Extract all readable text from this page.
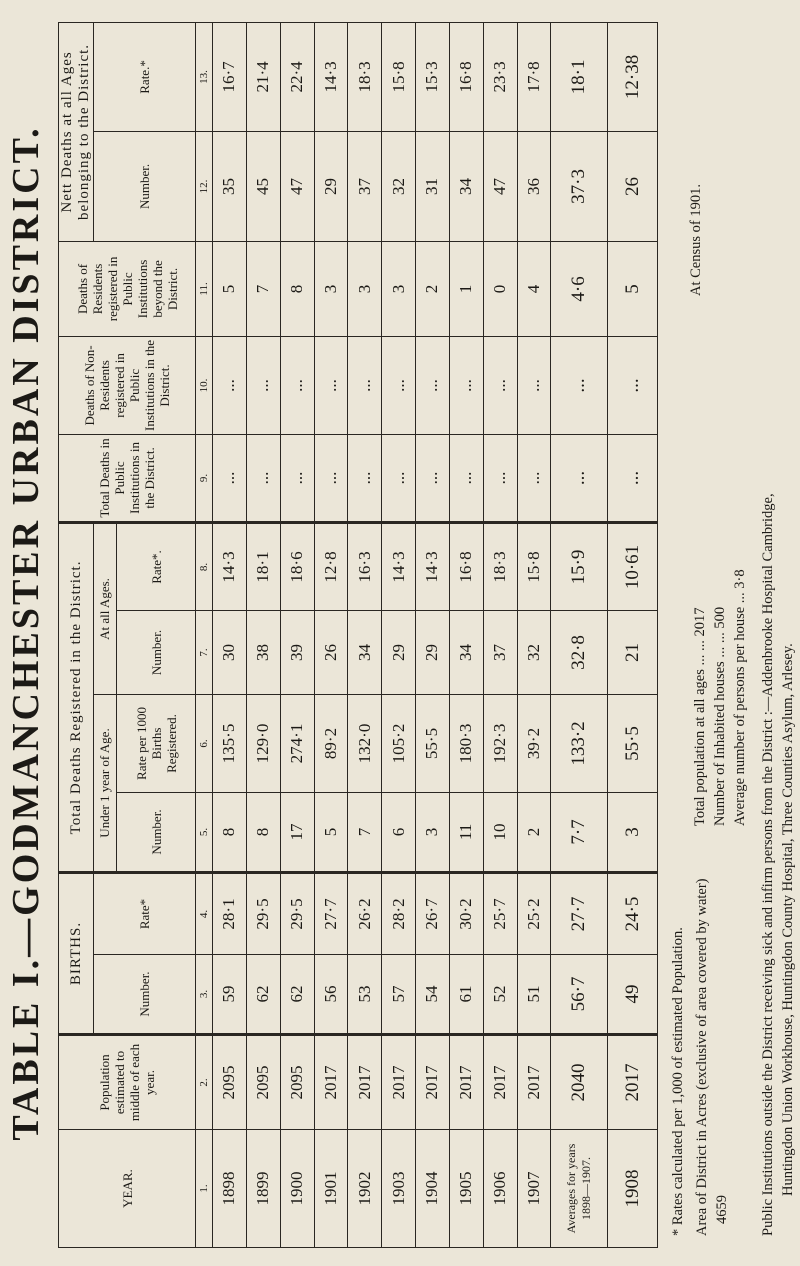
TABLE I.—GODMANCHESTER URBAN DISTRICT.
YEAR.	Population estimated to middle of each year.	BIRTHS.		Total Deaths Registered in the District.				Total Deaths in Public Institutions in the District.	Deaths of Non-Residents registered in Public Institutions in the District.	Deaths of Residents registered in Public Institutions beyond the District.	Nett Deaths at all Ages belonging to the District.	
		Number.	Rate*	Under 1 year of Age.		At all Ages.					Number.	Rate.*
				Number.	Rate per 1000 Births Registered.	Number.	Rate*.					
1.	2.	3.	4.	5.	6.	7.	8.	9.	10.	11.	12.	13.
1898	2095	59	28·1	8	135·5	30	14·3	...	...	5	35	16·7
1899	2095	62	29·5	8	129·0	38	18·1	...	...	7	45	21·4
1900	2095	62	29·5	17	274·1	39	18·6	...	...	8	47	22·4
1901	2017	56	27·7	5	89·2	26	12·8	...	...	3	29	14·3
1902	2017	53	26·2	7	132·0	34	16·3	...	...	3	37	18·3
1903	2017	57	28·2	6	105·2	29	14·3	...	...	3	32	15·8
1904	2017	54	26·7	3	55·5	29	14·3	...	...	2	31	15·3
1905	2017	61	30·2	11	180·3	34	16·8	...	...	1	34	16·8
1906	2017	52	25·7	10	192·3	37	18·3	...	...	0	47	23·3
1907	2017	51	25·2	2	39·2	32	15·8	...	...	4	36	17·8
Averages for years 1898—1907.	2040	56·7	27·7	7·7	133·2	32·8	15·9	...	...	4·6	37·3	18·1
1908	2017	49	24·5	3	55·5	21	10·61	...	...	5	26	12·38
* Rates calculated per 1,000 of estimated Population. Area of District in Acres (exclusive of area covered by water) 4659
Total population at all ages ... ... 2017 Number of Inhabited houses ... ... 500 Average number of persons per house ... 3·8
At Census of 1901.
Public Institutions outside the District receiving sick and infirm persons from the District :—Addenbrooke Hospital Cambridge, Huntingdon Union Workhouse, Huntingdon County Hospital, Three Counties Asylum, Arlesey.
